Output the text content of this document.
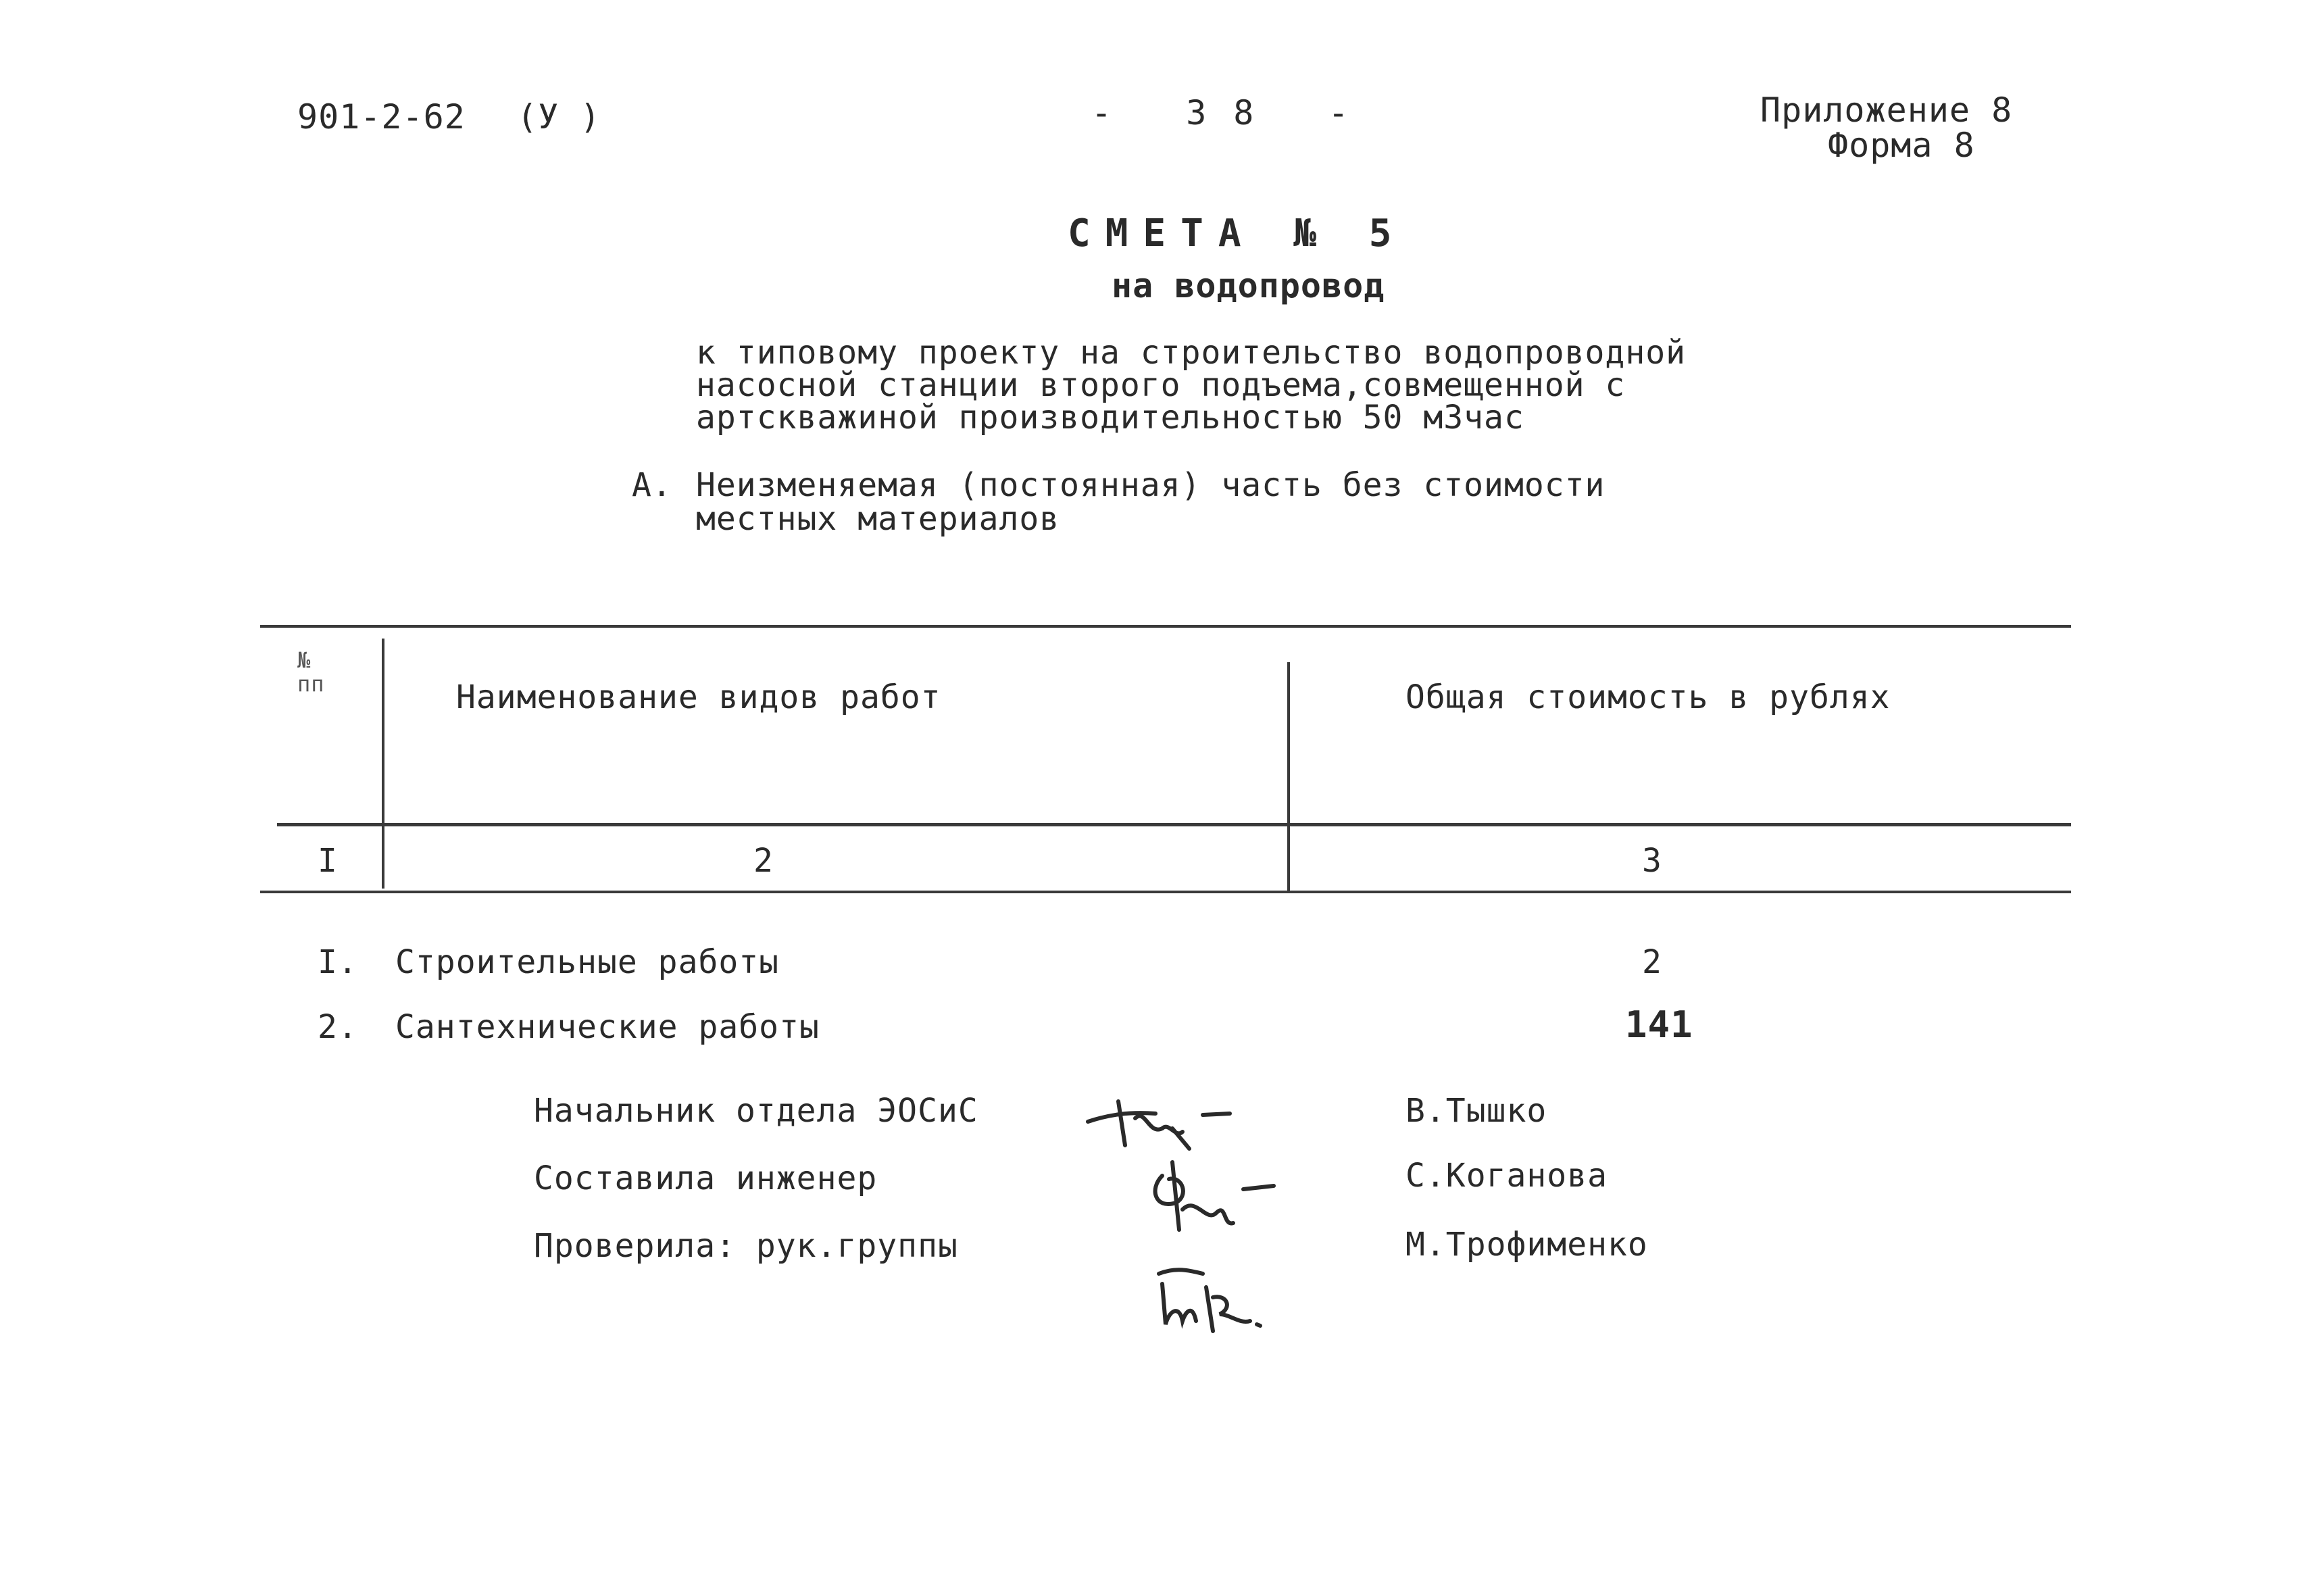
901-2-62 (У )	- 38 -	Приложение 8
Форма 8
СМЕТА № 5
на водопровод
к типовому проекту на строительство водопроводной
насосной станции второго подъема,совмещенной с
артскважиной производительностью 50 м3час
А. Неизменяемая (постоянная) часть без стоимости
местных материалов
№ пп	Наименование видов работ	Общая стоимость в рублях
I	2	3
I. Строительные работы	2
2. Сантехнические работы	141
Начальник отдела ЭОСиС	В.Тышко
Составила инженер	С.Коганова
Проверила: рук.группы	М.Трофименко
